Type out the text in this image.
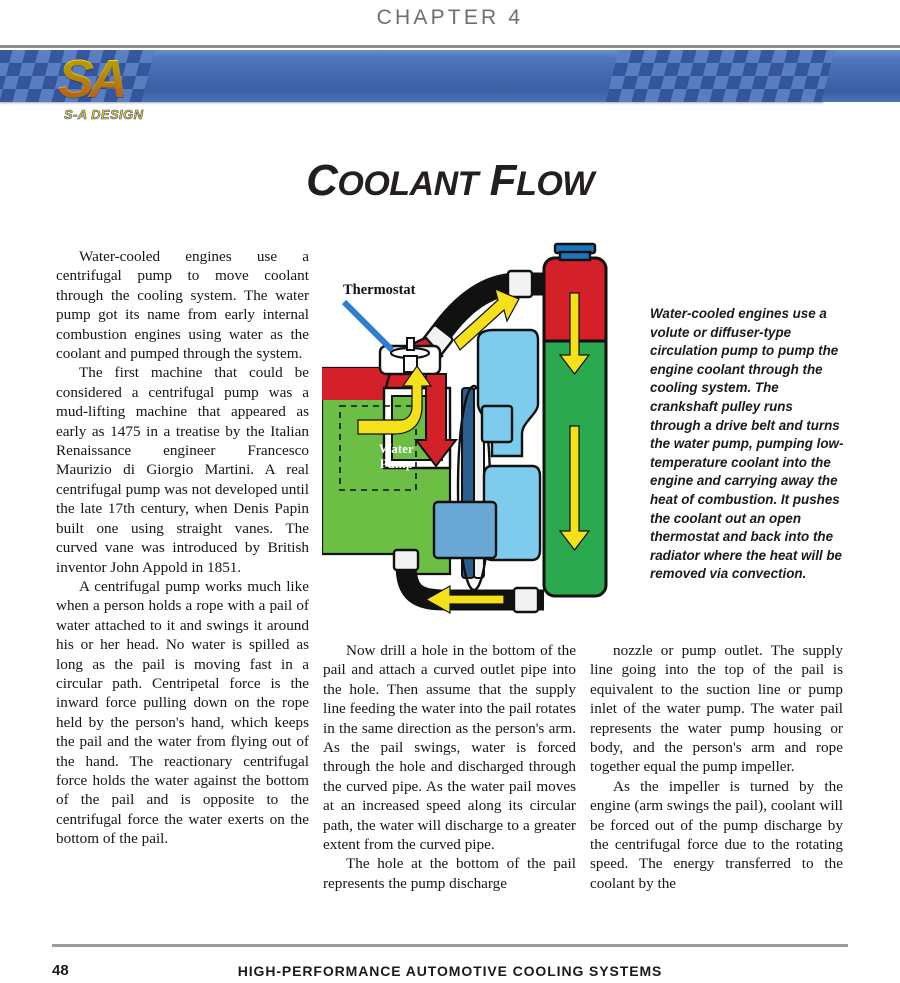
CHAPTER 4
SA
S-A DESIGN
COOLANT FLOW

Water-cooled engines use a centrifugal pump to move coolant through the cooling system. The water pump got its name from early internal combustion engines using water as the coolant and pumped through the system.

The first machine that could be considered a centrifugal pump was a mud-lifting machine that appeared as early as 1475 in a treatise by the Italian Renaissance engineer Francesco Maurizio di Giorgio Martini. A real centrifugal pump was not developed until the late 17th century, when Denis Papin built one using straight vanes. The curved vane was introduced by British inventor John Appold in 1851.

A centrifugal pump works much like when a person holds a rope with a pail of water attached to it and swings it around his or her head. No water is spilled as long as the pail is moving fast in a circular path. Centripetal force is the inward force pulling down on the rope held by the person's hand, which keeps the pail and the water from flying out of the hand. The reactionary centrifugal force holds the water against the bottom of the pail and is opposite to the centrifugal force the water exerts on the bottom of the pail.

Thermostat
Water
Pump
Water-cooled engines use a volute or diffuser-type circulation pump to pump the engine coolant through the cooling system. The crankshaft pulley runs through a drive belt and turns the water pump, pumping low-temperature coolant into the engine and carrying away the heat of combustion. It pushes the coolant out an open thermostat and back into the radiator where the heat will be removed via convection.

Now drill a hole in the bottom of the pail and attach a curved outlet pipe into the hole. Then assume that the supply line feeding the water into the pail rotates in the same direction as the person's arm. As the pail swings, water is forced through the hole and discharged through the curved pipe. As the water pail moves at an increased speed along its circular path, the water will discharge to a greater extent from the curved pipe.

The hole at the bottom of the pail represents the pump discharge

nozzle or pump outlet. The supply line going into the top of the pail is equivalent to the suction line or pump inlet of the water pump. The water pail represents the water pump housing or body, and the person's arm and rope together equal the pump impeller.

As the impeller is turned by the engine (arm swings the pail), coolant will be forced out of the pump discharge by the centrifugal force due to the rotating speed. The energy transferred to the coolant by the

48	HIGH-PERFORMANCE AUTOMOTIVE COOLING SYSTEMS
